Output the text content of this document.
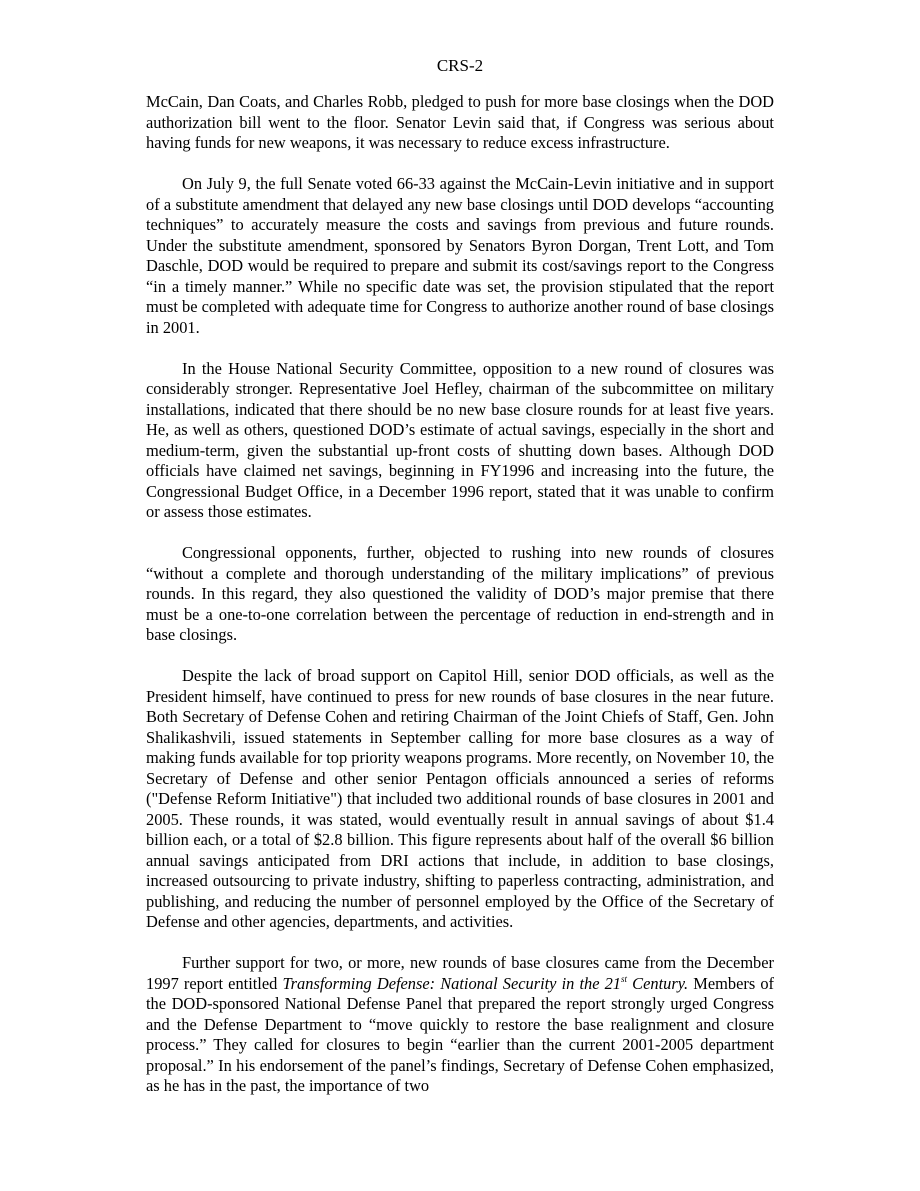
CRS-2

McCain, Dan Coats, and Charles Robb, pledged to push for more base closings when the DOD authorization bill went to the floor. Senator Levin said that, if Congress was serious about having funds for new weapons, it was necessary to reduce excess infrastructure.

On July 9, the full Senate voted 66-33 against the McCain-Levin initiative and in support of a substitute amendment that delayed any new base closings until DOD develops “accounting techniques” to accurately measure the costs and savings from previous and future rounds. Under the substitute amendment, sponsored by Senators Byron Dorgan, Trent Lott, and Tom Daschle, DOD would be required to prepare and submit its cost/savings report to the Congress “in a timely manner.” While no specific date was set, the provision stipulated that the report must be completed with adequate time for Congress to authorize another round of base closings in 2001.

In the House National Security Committee, opposition to a new round of closures was considerably stronger. Representative Joel Hefley, chairman of the subcommittee on military installations, indicated that there should be no new base closure rounds for at least five years. He, as well as others, questioned DOD’s estimate of actual savings, especially in the short and medium-term, given the substantial up-front costs of shutting down bases. Although DOD officials have claimed net savings, beginning in FY1996 and increasing into the future, the Congressional Budget Office, in a December 1996 report, stated that it was unable to confirm or assess those estimates.

Congressional opponents, further, objected to rushing into new rounds of closures “without a complete and thorough understanding of the military implications” of previous rounds. In this regard, they also questioned the validity of DOD’s major premise that there must be a one-to-one correlation between the percentage of reduction in end-strength and in base closings.

Despite the lack of broad support on Capitol Hill, senior DOD officials, as well as the President himself, have continued to press for new rounds of base closures in the near future. Both Secretary of Defense Cohen and retiring Chairman of the Joint Chiefs of Staff, Gen. John Shalikashvili, issued statements in September calling for more base closures as a way of making funds available for top priority weapons programs. More recently, on November 10, the Secretary of Defense and other senior Pentagon officials announced a series of reforms ("Defense Reform Initiative") that included two additional rounds of base closures in 2001 and 2005. These rounds, it was stated, would eventually result in annual savings of about $1.4 billion each, or a total of $2.8 billion. This figure represents about half of the overall $6 billion annual savings anticipated from DRI actions that include, in addition to base closings, increased outsourcing to private industry, shifting to paperless contracting, administration, and publishing, and reducing the number of personnel employed by the Office of the Secretary of Defense and other agencies, departments, and activities.

Further support for two, or more, new rounds of base closures came from the December 1997 report entitled Transforming Defense: National Security in the 21st Century. Members of the DOD-sponsored National Defense Panel that prepared the report strongly urged Congress and the Defense Department to “move quickly to restore the base realignment and closure process.” They called for closures to begin “earlier than the current 2001-2005 department proposal.” In his endorsement of the panel’s findings, Secretary of Defense Cohen emphasized, as he has in the past, the importance of two
